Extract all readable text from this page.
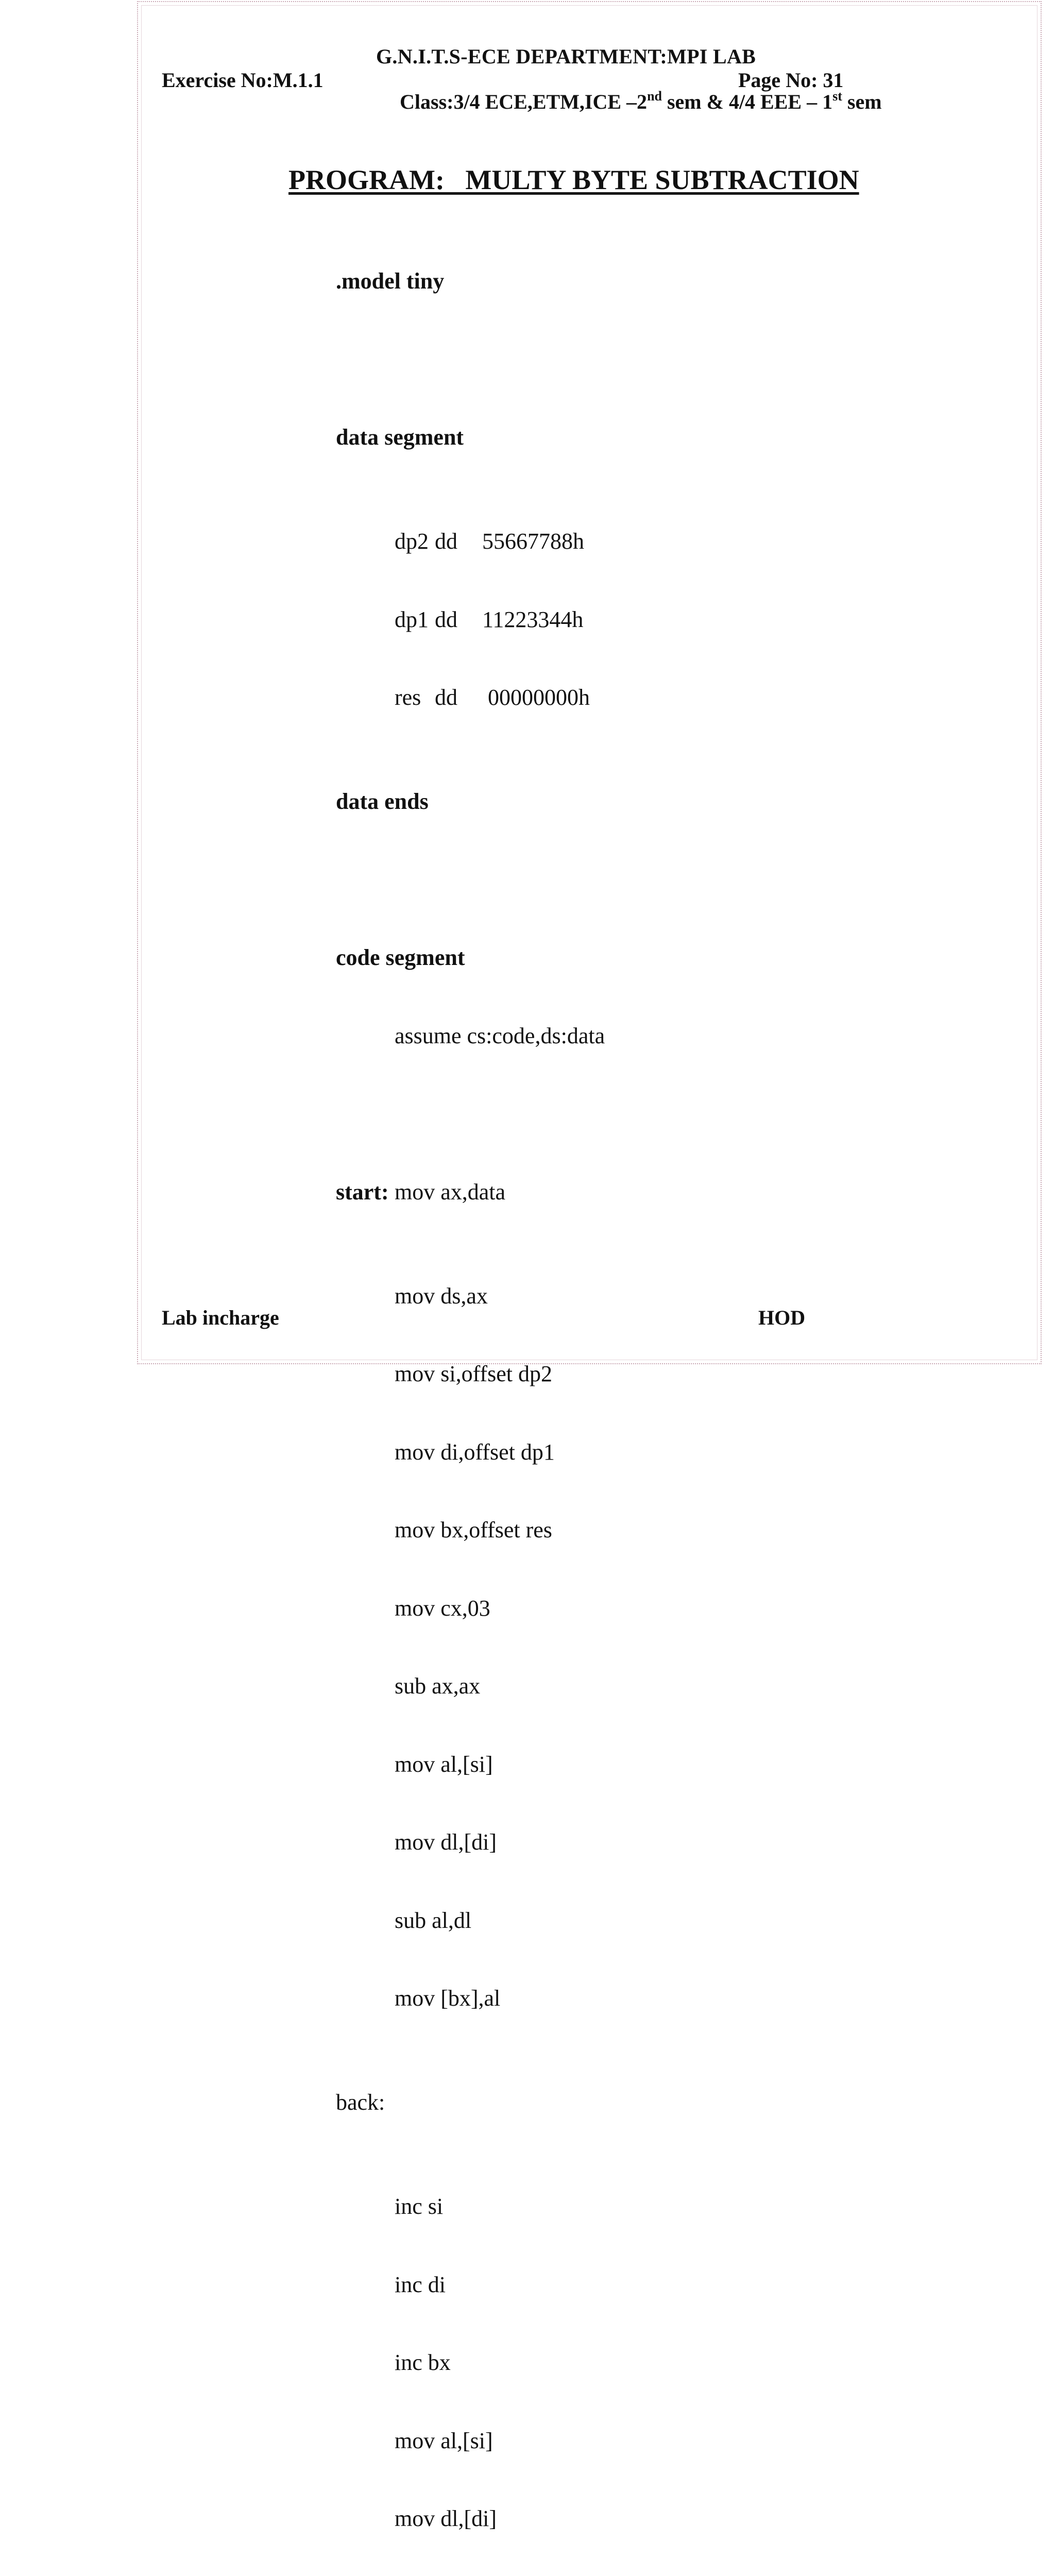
G.N.I.T.S-ECE DEPARTMENT:MPI LAB
Exercise No:M.1.1	Page No: 31
Class:3/4 ECE,ETM,ICE –2nd sem & 4/4 EEE – 1st sem
PROGRAM:   MULTY BYTE SUBTRACTION

.model tiny

data segment

dp2 dd 55667788h

dp1 dd 11223344h

res dd 00000000h

data ends

code segment

assume cs:code,ds:data

start: mov ax,data

mov ds,ax

mov si,offset dp2

mov di,offset dp1

mov bx,offset res

mov cx,03

sub ax,ax

mov al,[si]

mov dl,[di]

sub al,dl

mov [bx],al

back:

inc si

inc di

inc bx

mov al,[si]

mov dl,[di]

Lab incharge	HOD
